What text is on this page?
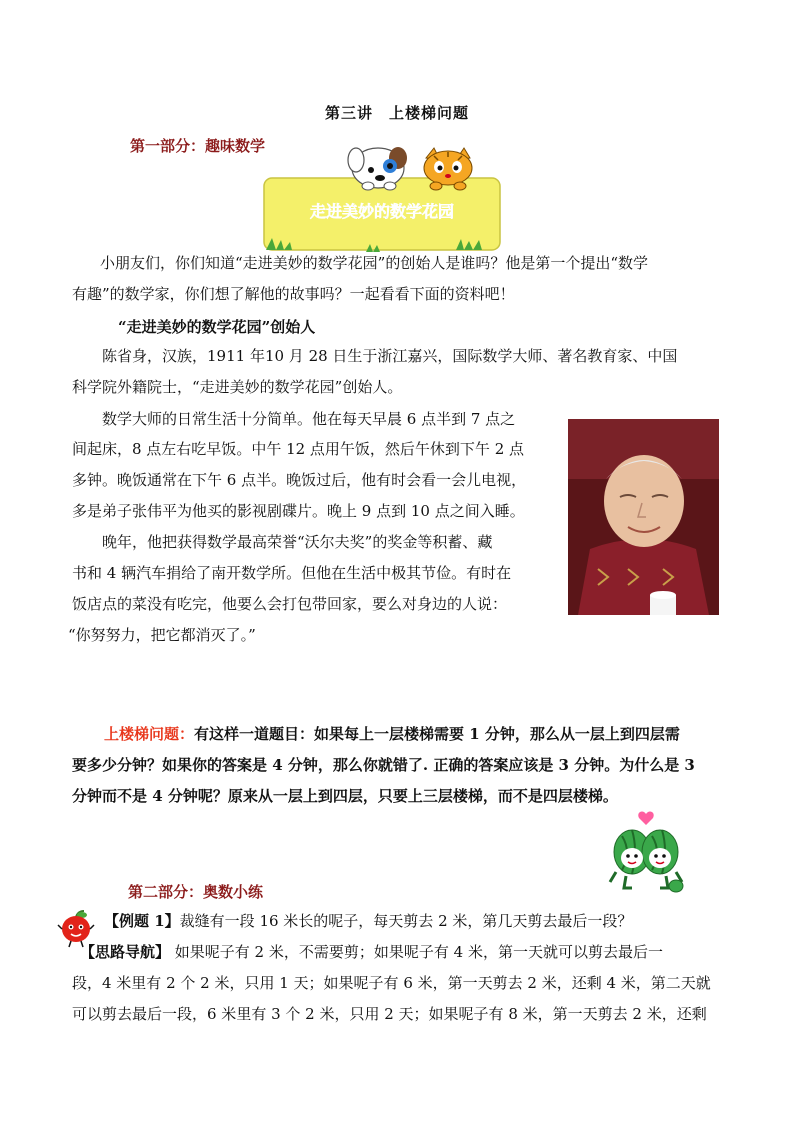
第三讲　上楼梯问题
第一部分：趣味数学
走进美妙的数学花园
小朋友们，你们知道“走进美妙的数学花园”的创始人是谁吗？他是第一个提出“数学
有趣”的数学家，你们想了解他的故事吗？一起看看下面的资料吧！
“走进美妙的数学花园”创始人
陈省身，汉族，1911 年10 月 28 日生于浙江嘉兴，国际数学大师、著名教育家、中国
科学院外籍院士，“走进美妙的数学花园”创始人。
数学大师的日常生活十分简单。他在每天早晨 6 点半到 7 点之
间起床，8 点左右吃早饭。中午 12 点用午饭，然后午休到下午 2 点
多钟。晚饭通常在下午 6 点半。晚饭过后，他有时会看一会儿电视，
多是弟子张伟平为他买的影视剧碟片。晚上 9 点到 10 点之间入睡。
晚年，他把获得数学最高荣誉“沃尔夫奖”的奖金等积蓄、藏
书和 4 辆汽车捐给了南开数学所。但他在生活中极其节俭。有时在
饭店点的菜没有吃完，他要么会打包带回家，要么对身边的人说：
“你努努力，把它都消灭了。”
上楼梯问题：有这样一道题目：如果每上一层楼梯需要 1 分钟，那么从一层上到四层需
要多少分钟？如果你的答案是 4 分钟，那么你就错了. 正确的答案应该是 3 分钟。为什么是 3
分钟而不是 4 分钟呢？原来从一层上到四层，只要上三层楼梯，而不是四层楼梯。
第二部分：奥数小练
【例题 1】裁缝有一段 16 米长的呢子，每天剪去 2 米，第几天剪去最后一段？
【思路导航】 如果呢子有 2 米，不需要剪；如果呢子有 4 米，第一天就可以剪去最后一
段，4 米里有 2 个 2 米，只用 1 天；如果呢子有 6 米，第一天剪去 2 米，还剩 4 米，第二天就
可以剪去最后一段，6 米里有 3 个 2 米，只用 2 天；如果呢子有 8 米，第一天剪去 2 米，还剩
